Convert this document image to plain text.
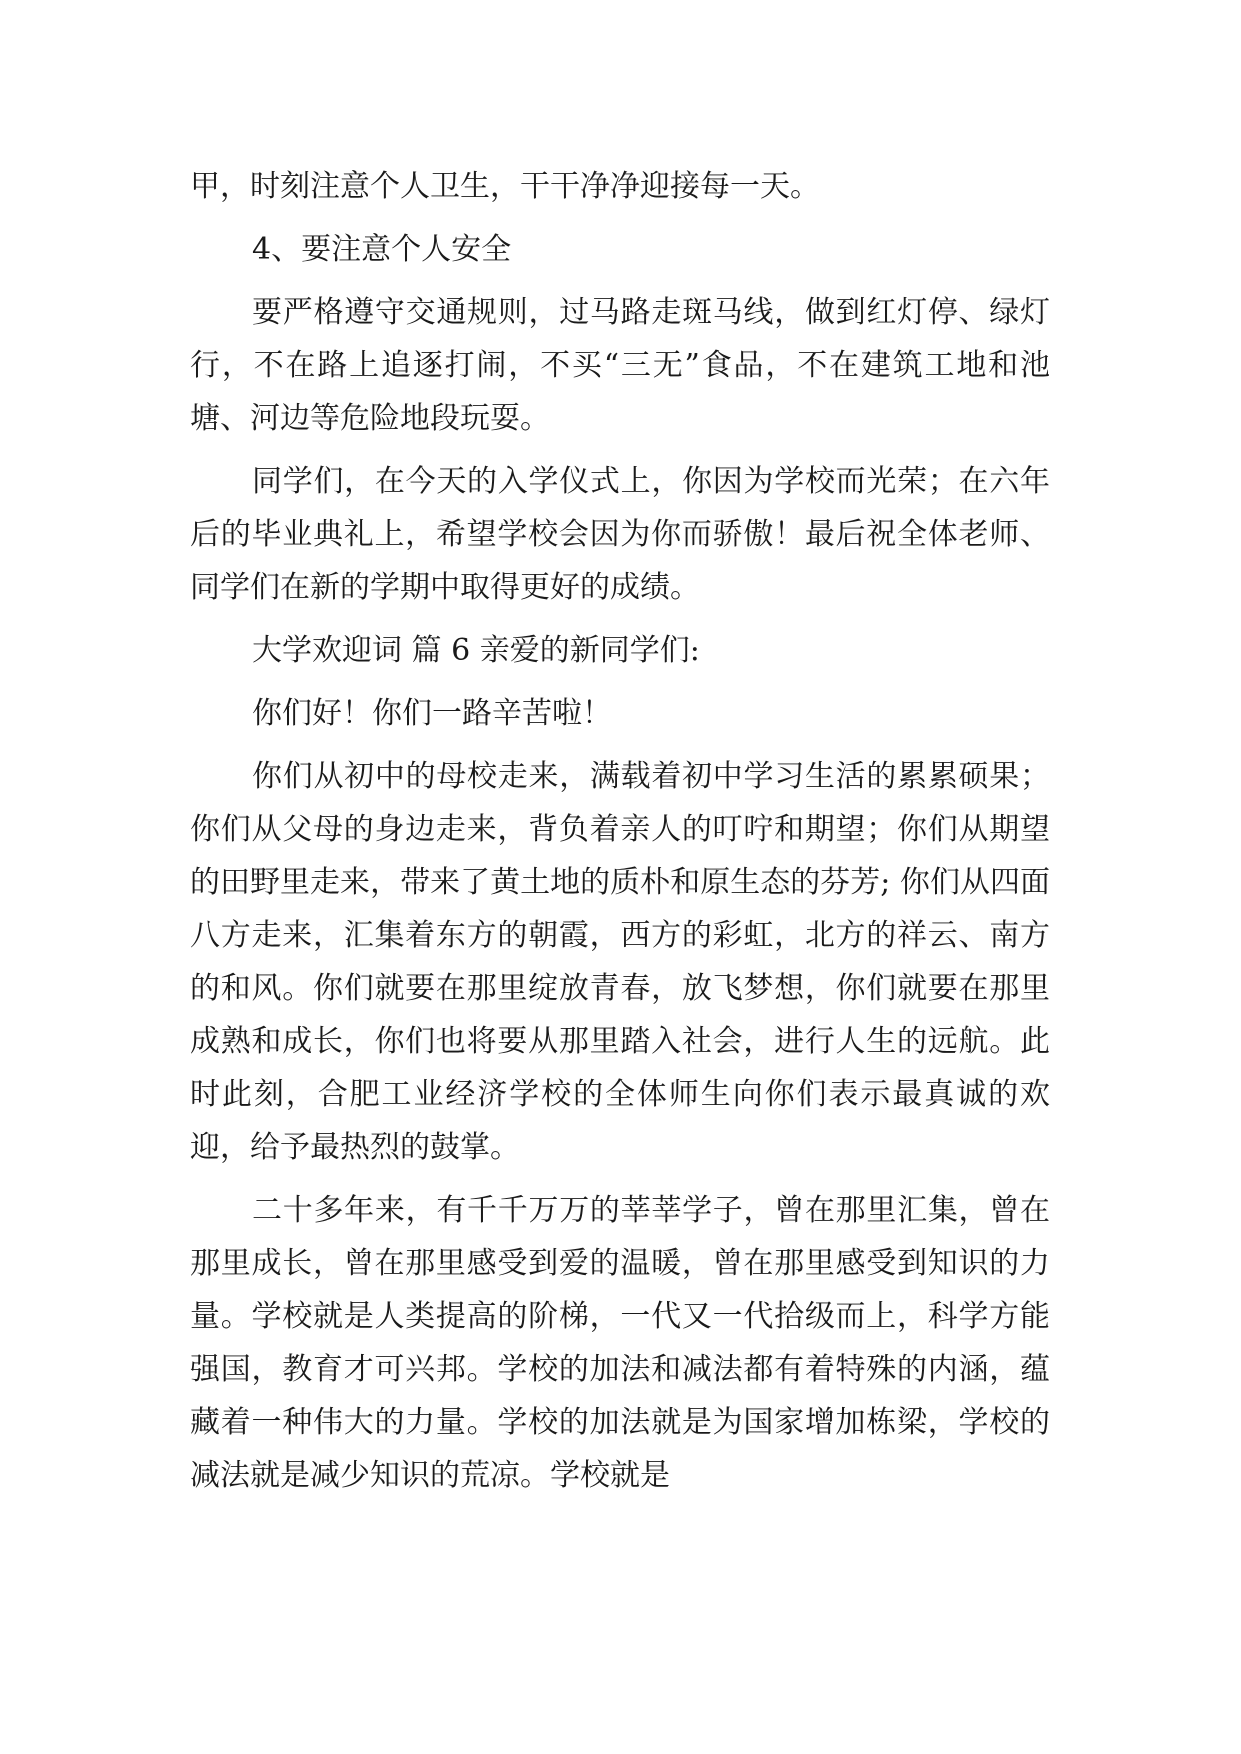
甲，时刻注意个人卫生，干干净净迎接每一天。

4、要注意个人安全

要严格遵守交通规则，过马路走斑马线，做到红灯停、绿灯行，不在路上追逐打闹，不买“三无”食品，不在建筑工地和池塘、河边等危险地段玩耍。

同学们，在今天的入学仪式上，你因为学校而光荣；在六年后的毕业典礼上，希望学校会因为你而骄傲！最后祝全体老师、同学们在新的学期中取得更好的成绩。

大学欢迎词 篇 6 亲爱的新同学们:

你们好！你们一路辛苦啦！

你们从初中的母校走来，满载着初中学习生活的累累硕果；你们从父母的身边走来，背负着亲人的叮咛和期望；你们从期望的田野里走来，带来了黄土地的质朴和原生态的芬芳; 你们从四面八方走来，汇集着东方的朝霞，西方的彩虹，北方的祥云、南方的和风。你们就要在那里绽放青春，放飞梦想，你们就要在那里成熟和成长，你们也将要从那里踏入社会，进行人生的远航。此时此刻，合肥工业经济学校的全体师生向你们表示最真诚的欢迎，给予最热烈的鼓掌。

二十多年来，有千千万万的莘莘学子，曾在那里汇集，曾在那里成长，曾在那里感受到爱的温暖，曾在那里感受到知识的力量。学校就是人类提高的阶梯，一代又一代拾级而上，科学方能强国，教育才可兴邦。学校的加法和减法都有着特殊的内涵，蕴藏着一种伟大的力量。学校的加法就是为国家增加栋梁，学校的减法就是减少知识的荒凉。学校就是
